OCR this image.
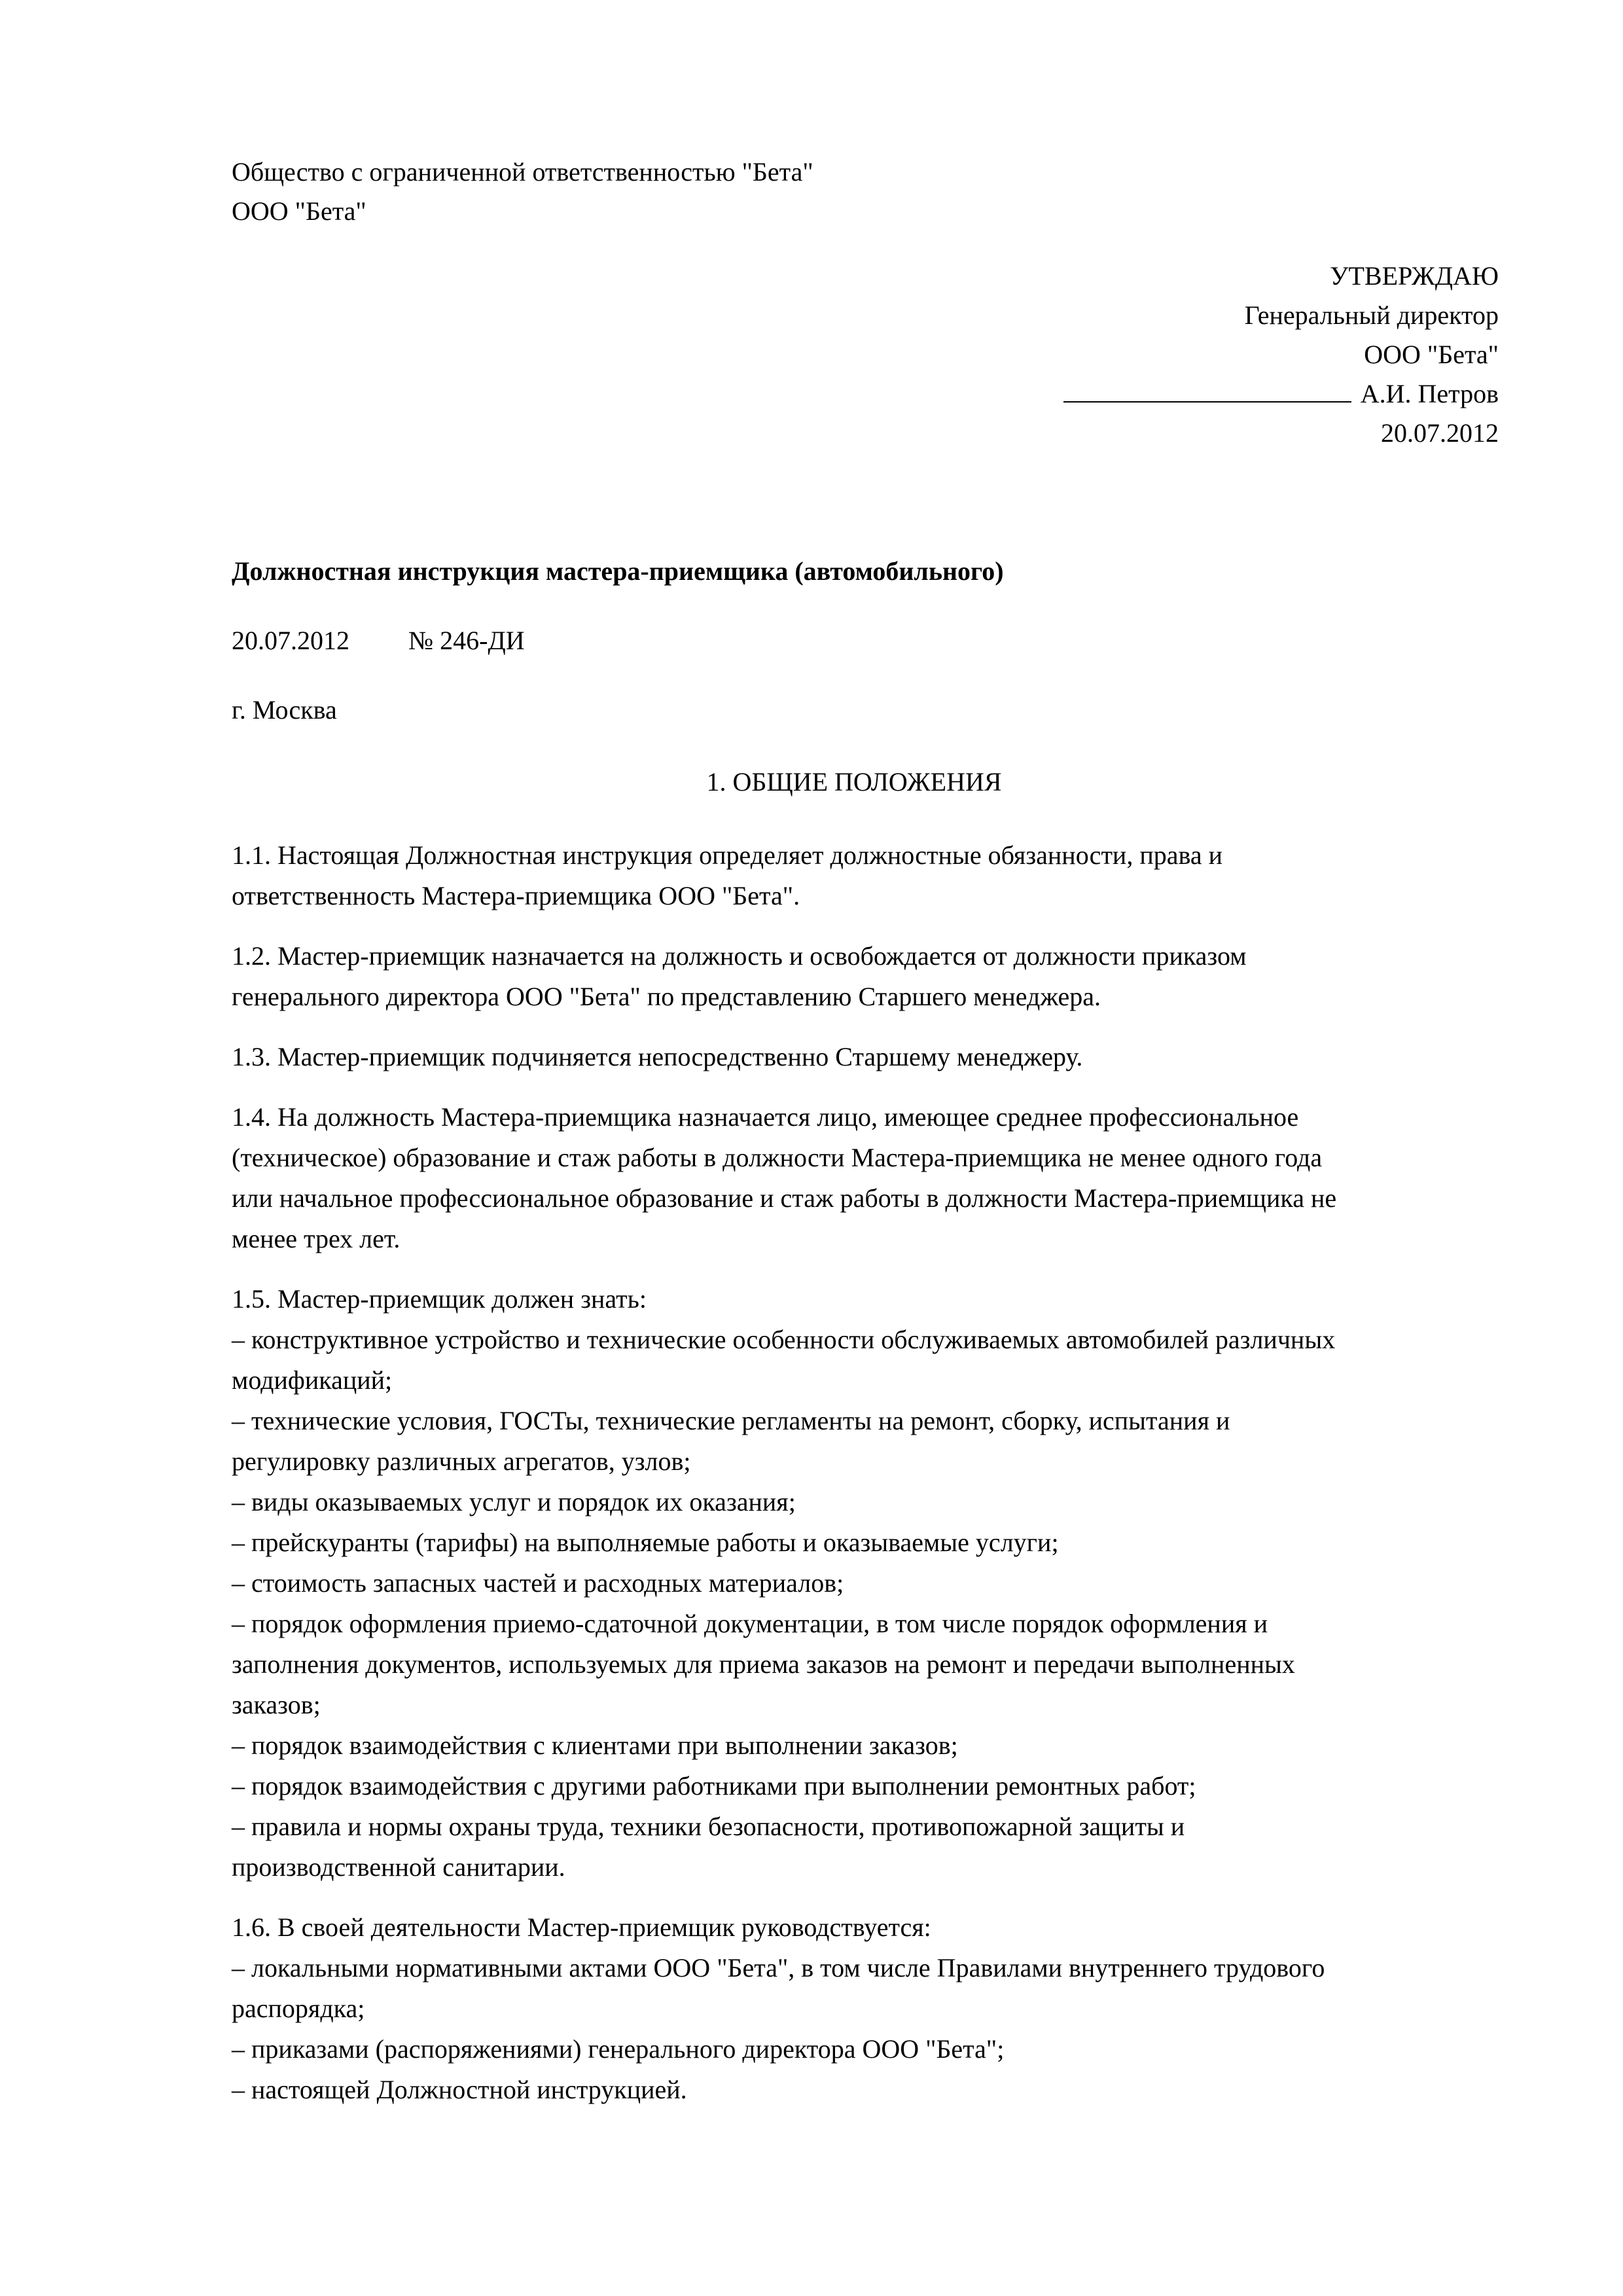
Общество с ограниченной ответственностью "Бета"
ООО "Бета"
УТВЕРЖДАЮ
Генеральный директор
ООО "Бета"
А.И. Петров
20.07.2012
Должностная инструкция мастера-приемщика (автомобильного)
20.07.2012 № 246-ДИ
г. Москва
1. ОБЩИЕ ПОЛОЖЕНИЯ
1.1. Настоящая Должностная инструкция определяет должностные обязанности, права и
ответственность Мастера-приемщика ООО "Бета".
1.2. Мастер-приемщик назначается на должность и освобождается от должности приказом
генерального директора ООО "Бета" по представлению Старшего менеджера.
1.3. Мастер-приемщик подчиняется непосредственно Старшему менеджеру.
1.4. На должность Мастера-приемщика назначается лицо, имеющее среднее профессиональное
(техническое) образование и стаж работы в должности Мастера-приемщика не менее одного года
или начальное профессиональное образование и стаж работы в должности Мастера-приемщика не
менее трех лет.
1.5. Мастер-приемщик должен знать:
– конструктивное устройство и технические особенности обслуживаемых автомобилей различных
модификаций;
– технические условия, ГОСТы, технические регламенты на ремонт, сборку, испытания и
регулировку различных агрегатов, узлов;
– виды оказываемых услуг и порядок их оказания;
– прейскуранты (тарифы) на выполняемые работы и оказываемые услуги;
– стоимость запасных частей и расходных материалов;
– порядок оформления приемо-сдаточной документации, в том числе порядок оформления и
заполнения документов, используемых для приема заказов на ремонт и передачи выполненных
заказов;
– порядок взаимодействия с клиентами при выполнении заказов;
– порядок взаимодействия с другими работниками при выполнении ремонтных работ;
– правила и нормы охраны труда, техники безопасности, противопожарной защиты и
производственной санитарии.
1.6. В своей деятельности Мастер-приемщик руководствуется:
– локальными нормативными актами ООО "Бета", в том числе Правилами внутреннего трудового
распорядка;
– приказами (распоряжениями) генерального директора ООО "Бета";
– настоящей Должностной инструкцией.
